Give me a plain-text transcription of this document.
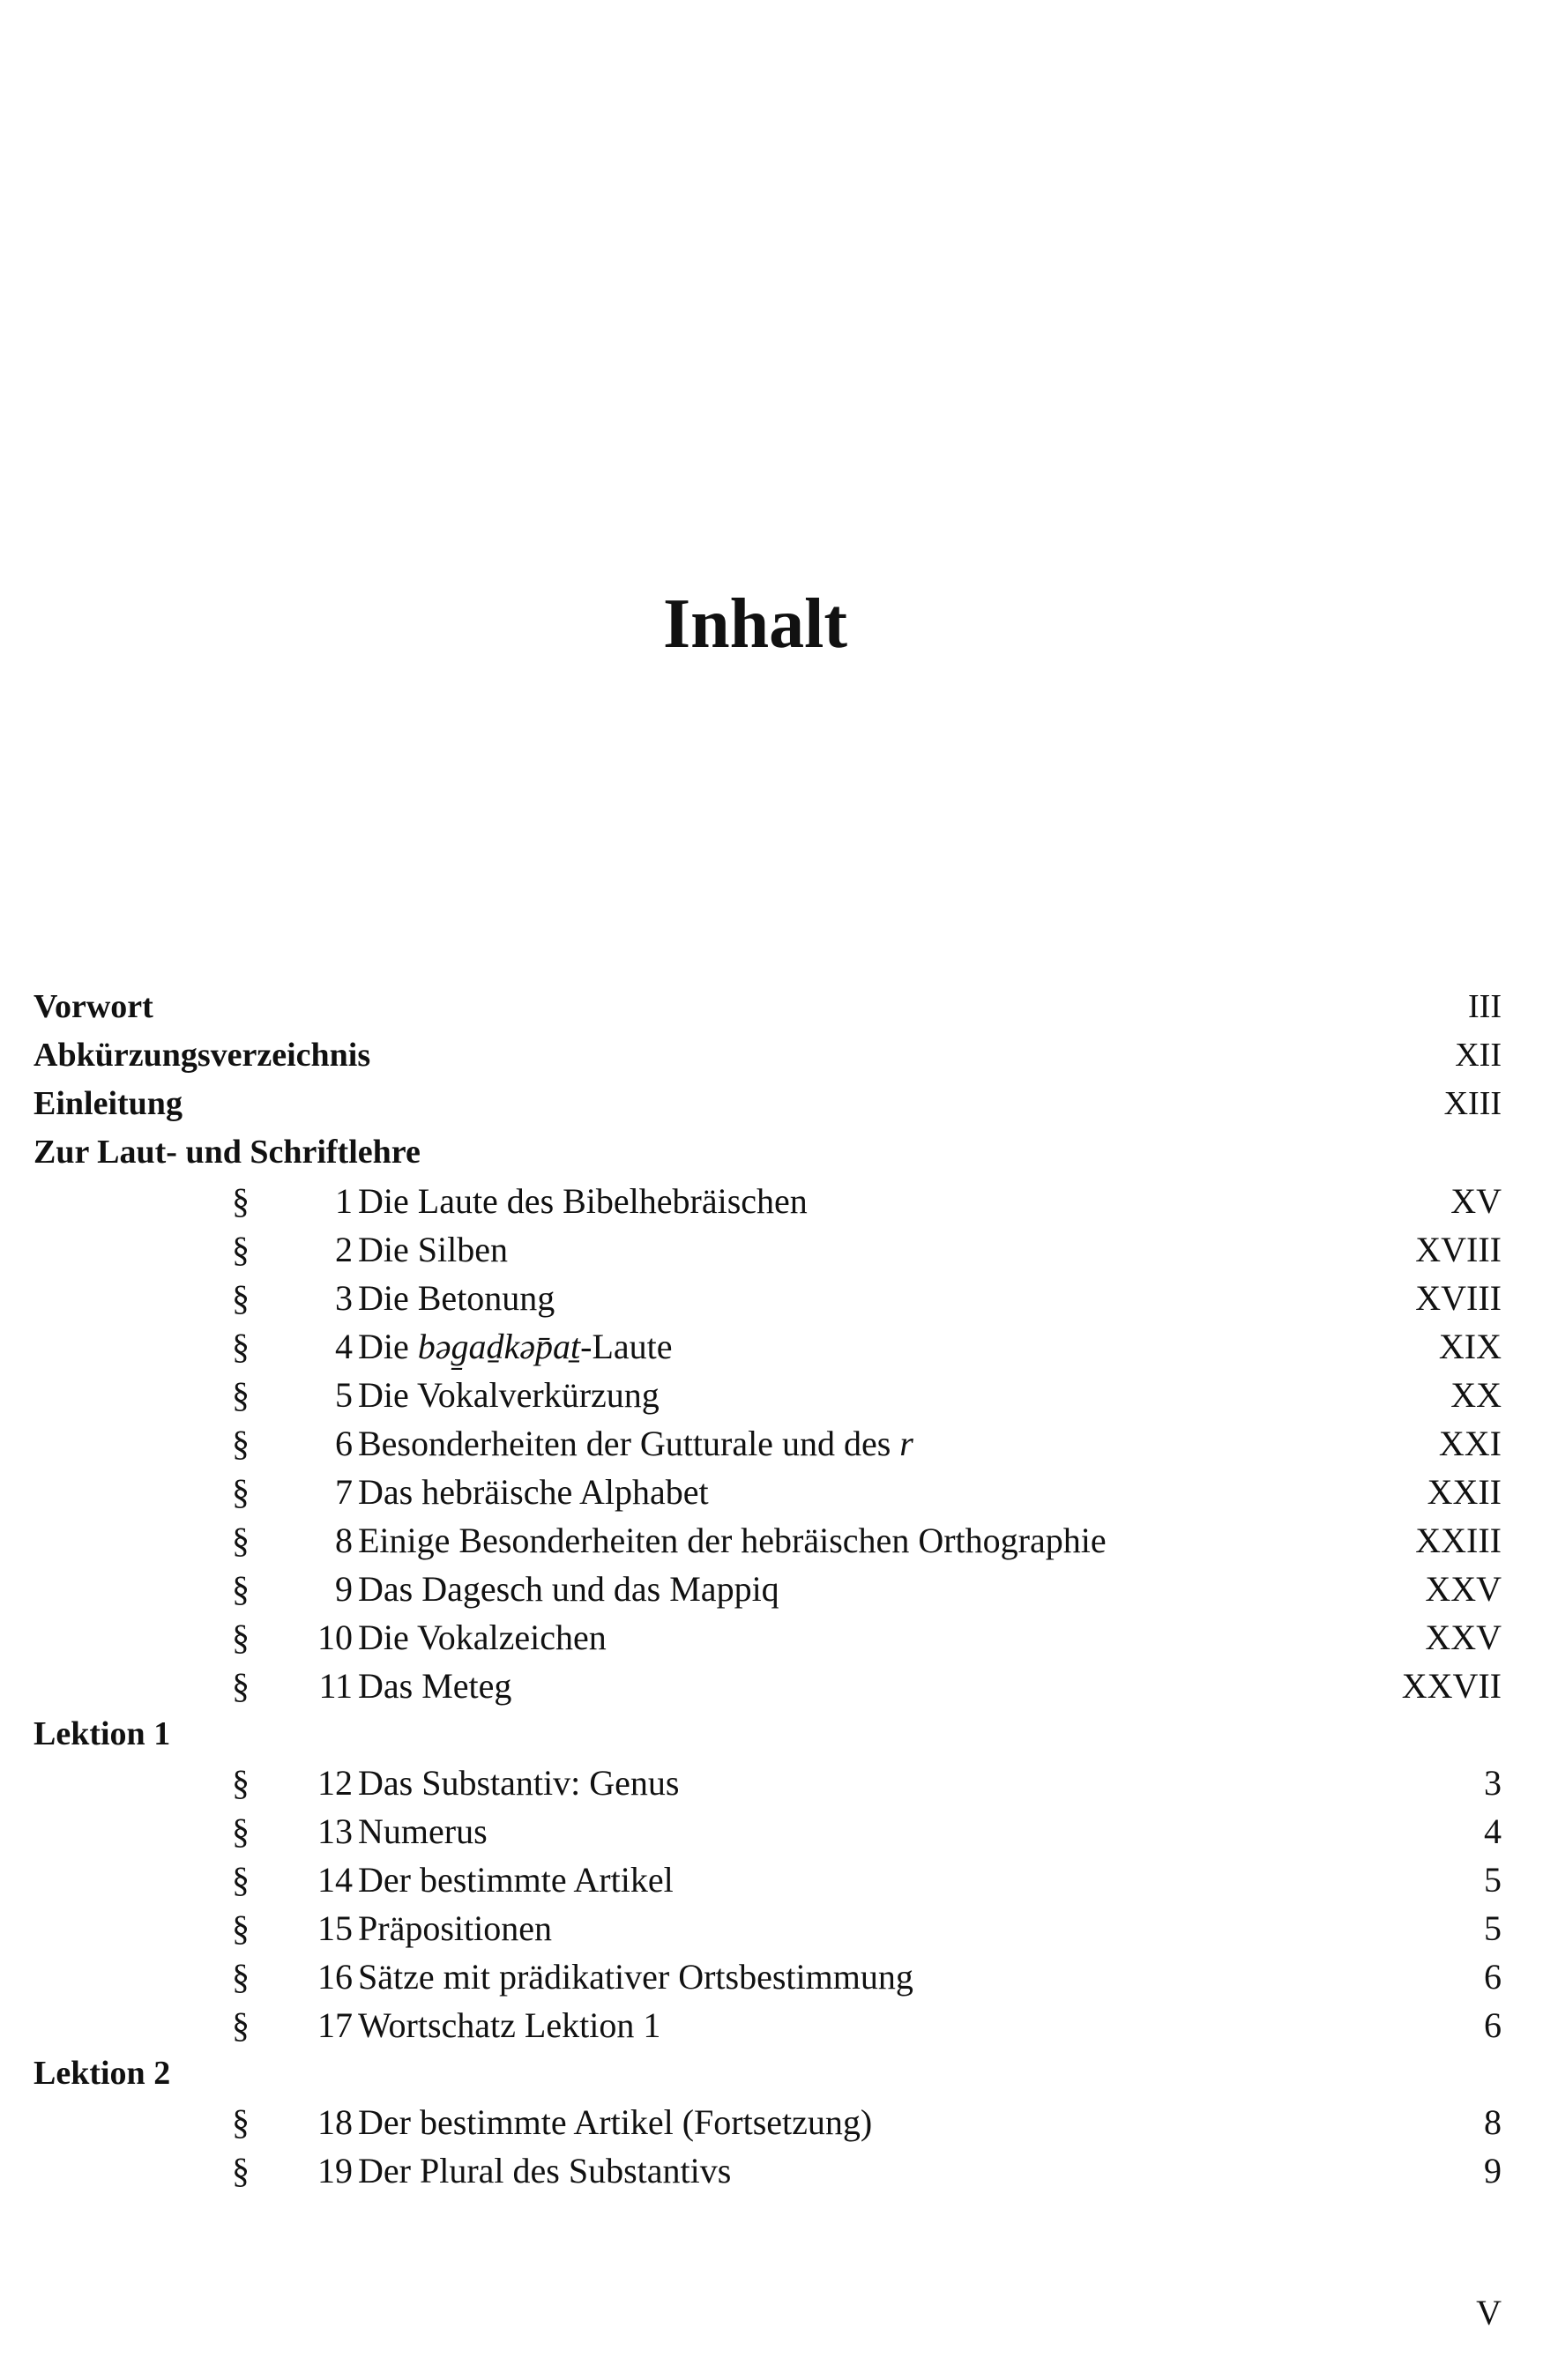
Inhalt
Vorwort	III
Abkürzungsverzeichnis	XII
Einleitung	XIII
Zur Laut- und Schriftlehre
§	1 Die Laute des Bibelhebräischen	XV
§	2 Die Silben	XVIII
§	3 Die Betonung	XVIII
§	4 Die bəg̱aḏkəp̄aṯ-Laute	XIX
§	5 Die Vokalverkürzung	XX
§	6 Besonderheiten der Gutturale und des r	XXI
§	7 Das hebräische Alphabet	XXII
§	8 Einige Besonderheiten der hebräischen Orthographie	XXIII
§	9 Das Dagesch und das Mappiq	XXV
§	10 Die Vokalzeichen	XXV
§	11 Das Meteg	XXVII
Lektion 1
§	12 Das Substantiv: Genus	3
§	13 Numerus	4
§	14 Der bestimmte Artikel	5
§	15 Präpositionen	5
§	16 Sätze mit prädikativer Ortsbestimmung	6
§	17 Wortschatz Lektion 1	6
Lektion 2
§	18 Der bestimmte Artikel (Fortsetzung)	8
§	19 Der Plural des Substantivs	9
V
